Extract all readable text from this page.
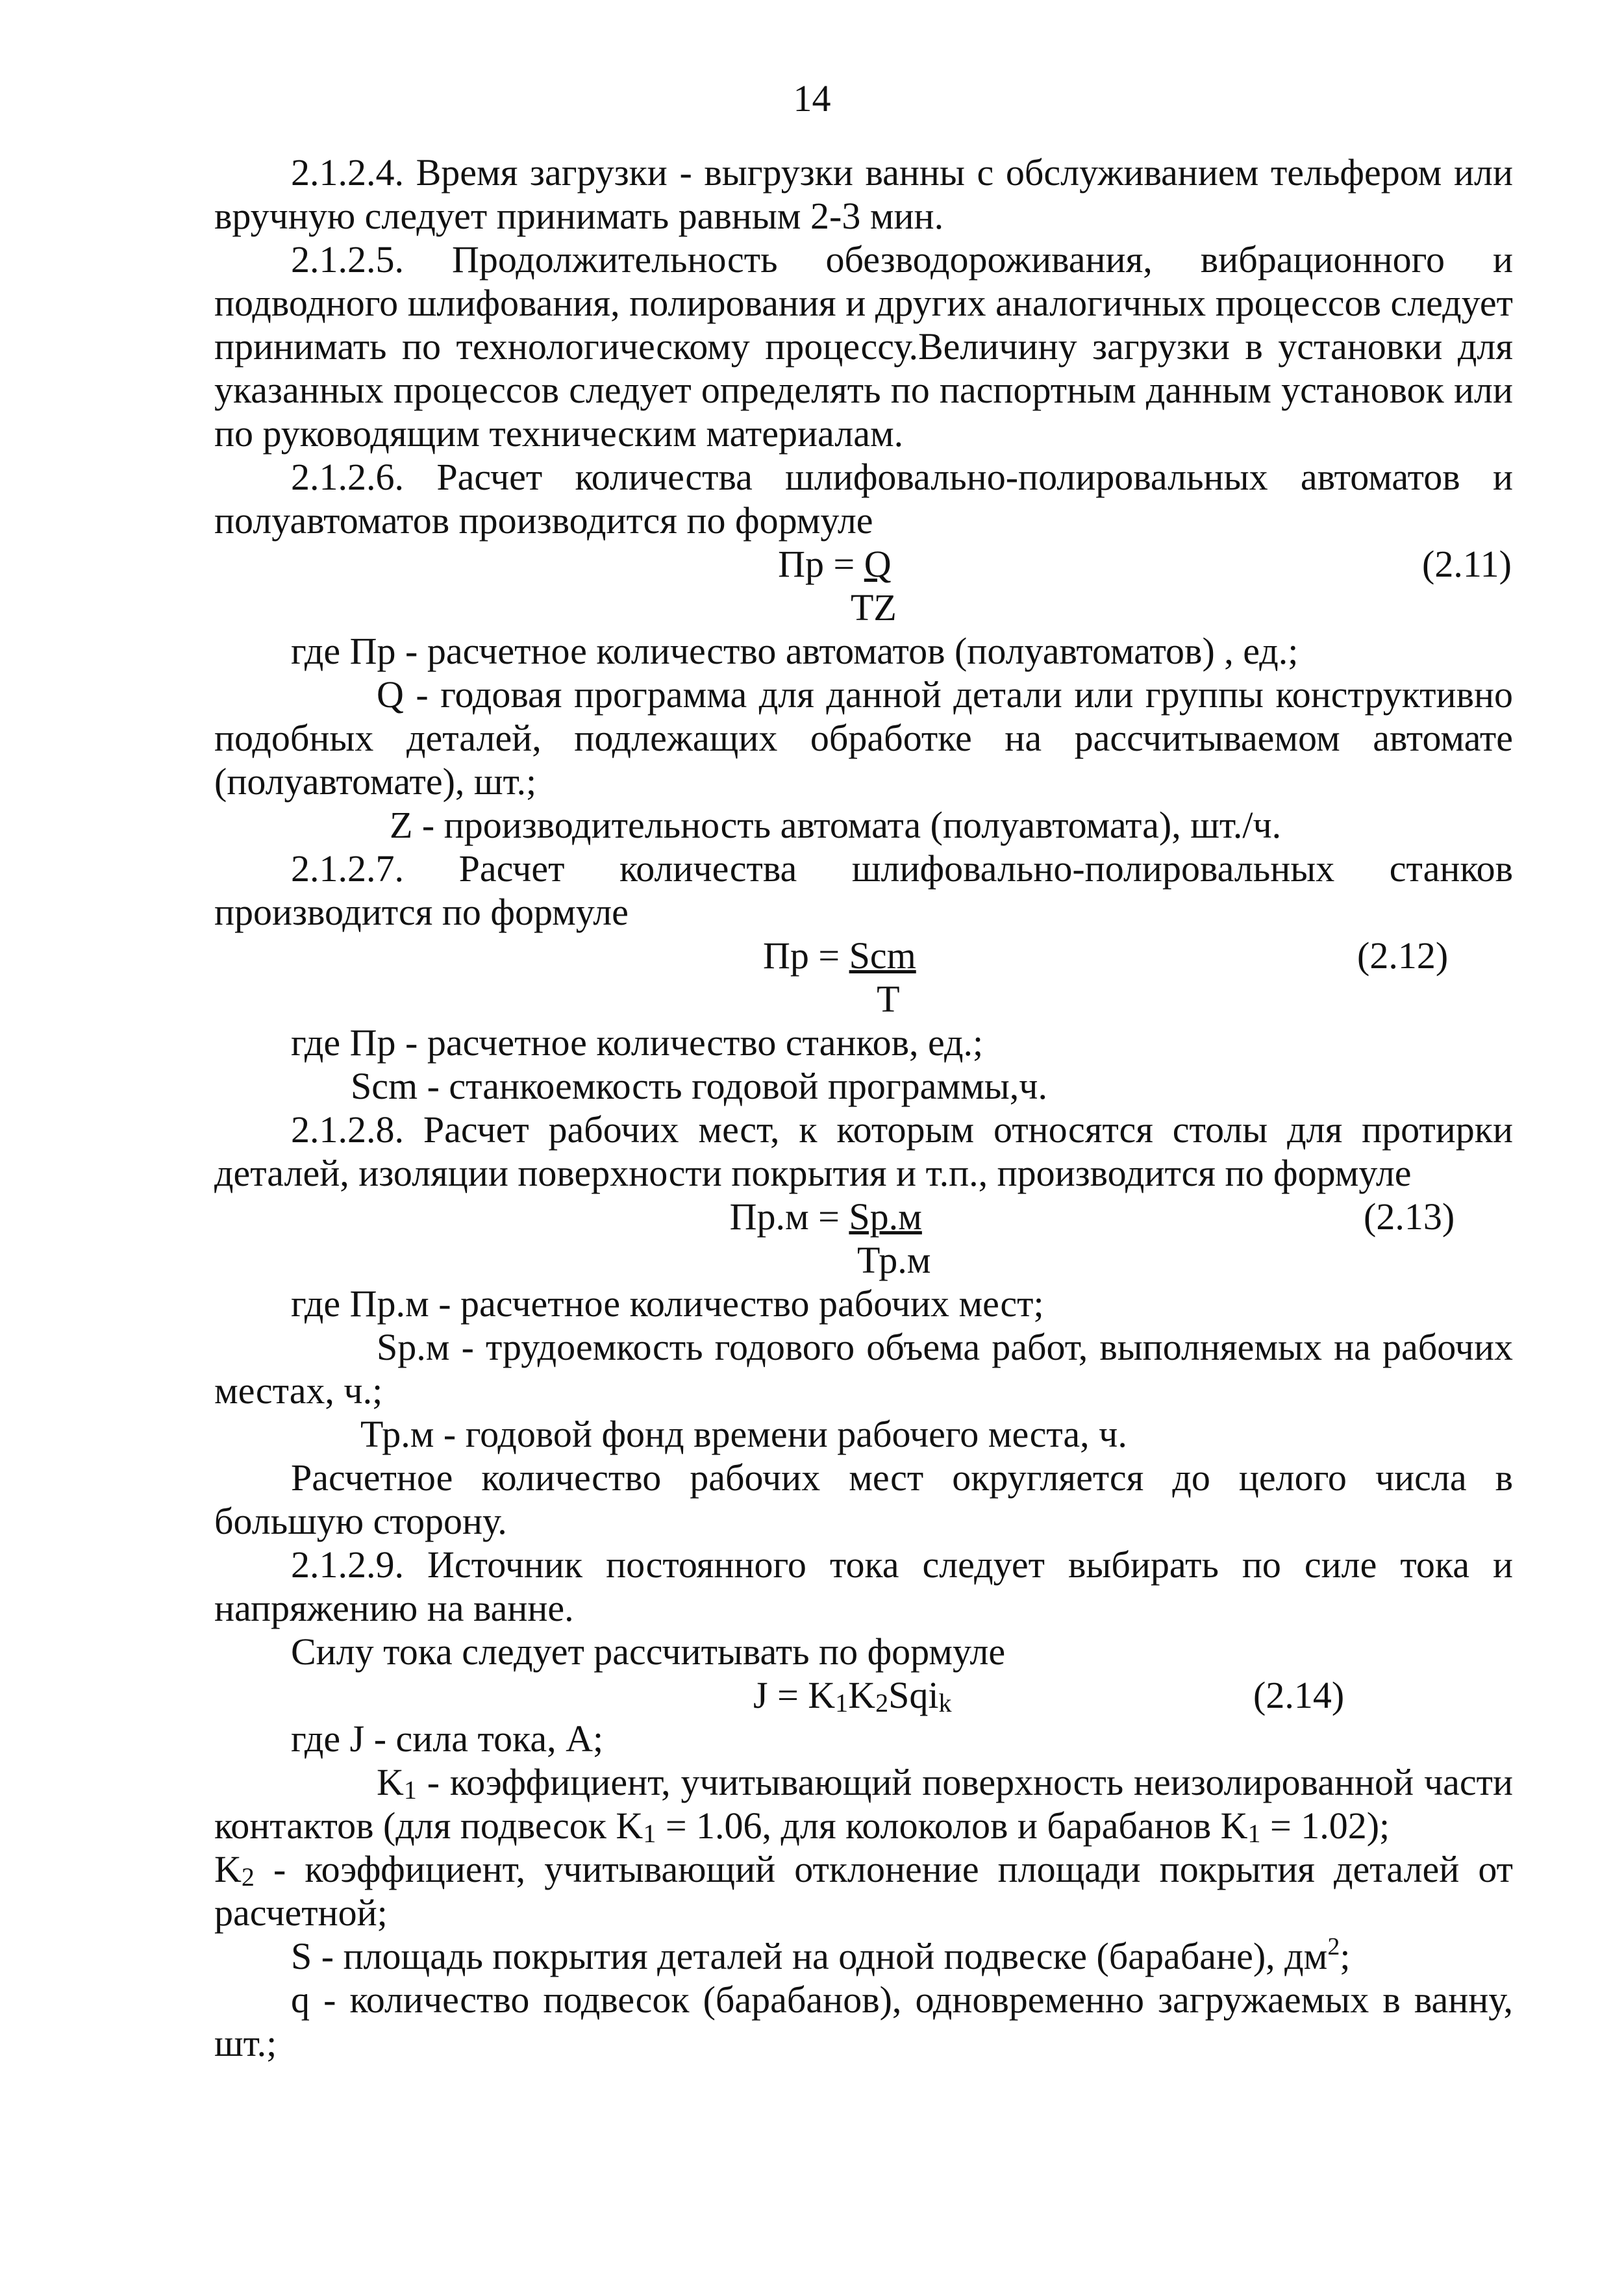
14

2.1.2.4. Время загрузки - выгрузки ванны с обслуживанием тельфером или вручную следует принимать равным 2-3 мин.

2.1.2.5. Продолжительность обезводороживания, вибрационного и подводного шлифования, полирования и других аналогичных процессов следует принимать по технологическому процессу.Величину загрузки в установки для указанных процессов следует определять по паспортным данным установок или по руководящим техническим материалам.

2.1.2.6. Расчет количества шлифовально-полировальных автоматов и полуавтоматов производится по формуле

Пр = Q
TZ
(2.11)

где Пр - расчетное количество автоматов (полуавтоматов) , ед.;

Q - годовая программа для данной детали или группы конструктивно подобных деталей, подлежащих обработке на рассчитываемом автомате (полуавтомате), шт.;

Z - производительность автомата (полуавтомата), шт./ч.

2.1.2.7. Расчет количества шлифовально-полировальных станков производится по формуле

Пр = Scm
T
(2.12)

где Пр - расчетное количество станков, ед.;

Scm - станкоемкость годовой программы,ч.

2.1.2.8. Расчет рабочих мест, к которым относятся столы для протирки деталей, изоляции поверхности покрытия и т.п., производится по формуле

Пр.м = Sр.м
Тр.м
(2.13)

где Пр.м - расчетное количество рабочих мест;

Sр.м - трудоемкость годового объема работ, выполняемых на рабочих местах, ч.;

Тр.м - годовой фонд времени рабочего места, ч.

Расчетное количество рабочих мест округляется до целого числа в большую сторону.

2.1.2.9. Источник постоянного тока следует выбирать по силе тока и напряжению на ванне.

Силу тока следует рассчитывать по формуле

$J = K_1K_2Sqi_k$	(2.14)

где J - сила тока, А;

$K_1$ - коэффициент, учитывающий поверхность неизолированной части контактов (для подвесок $K_1 = 1.06$, для колоколов и барабанов $K_1 = 1.02$);

$K_2$ - коэффициент, учитывающий отклонение площади покрытия деталей от расчетной;

S - площадь покрытия деталей на одной подвеске (барабане), $дм^2$;

q - количество подвесок (барабанов), одновременно загружаемых в ванну, шт.;
